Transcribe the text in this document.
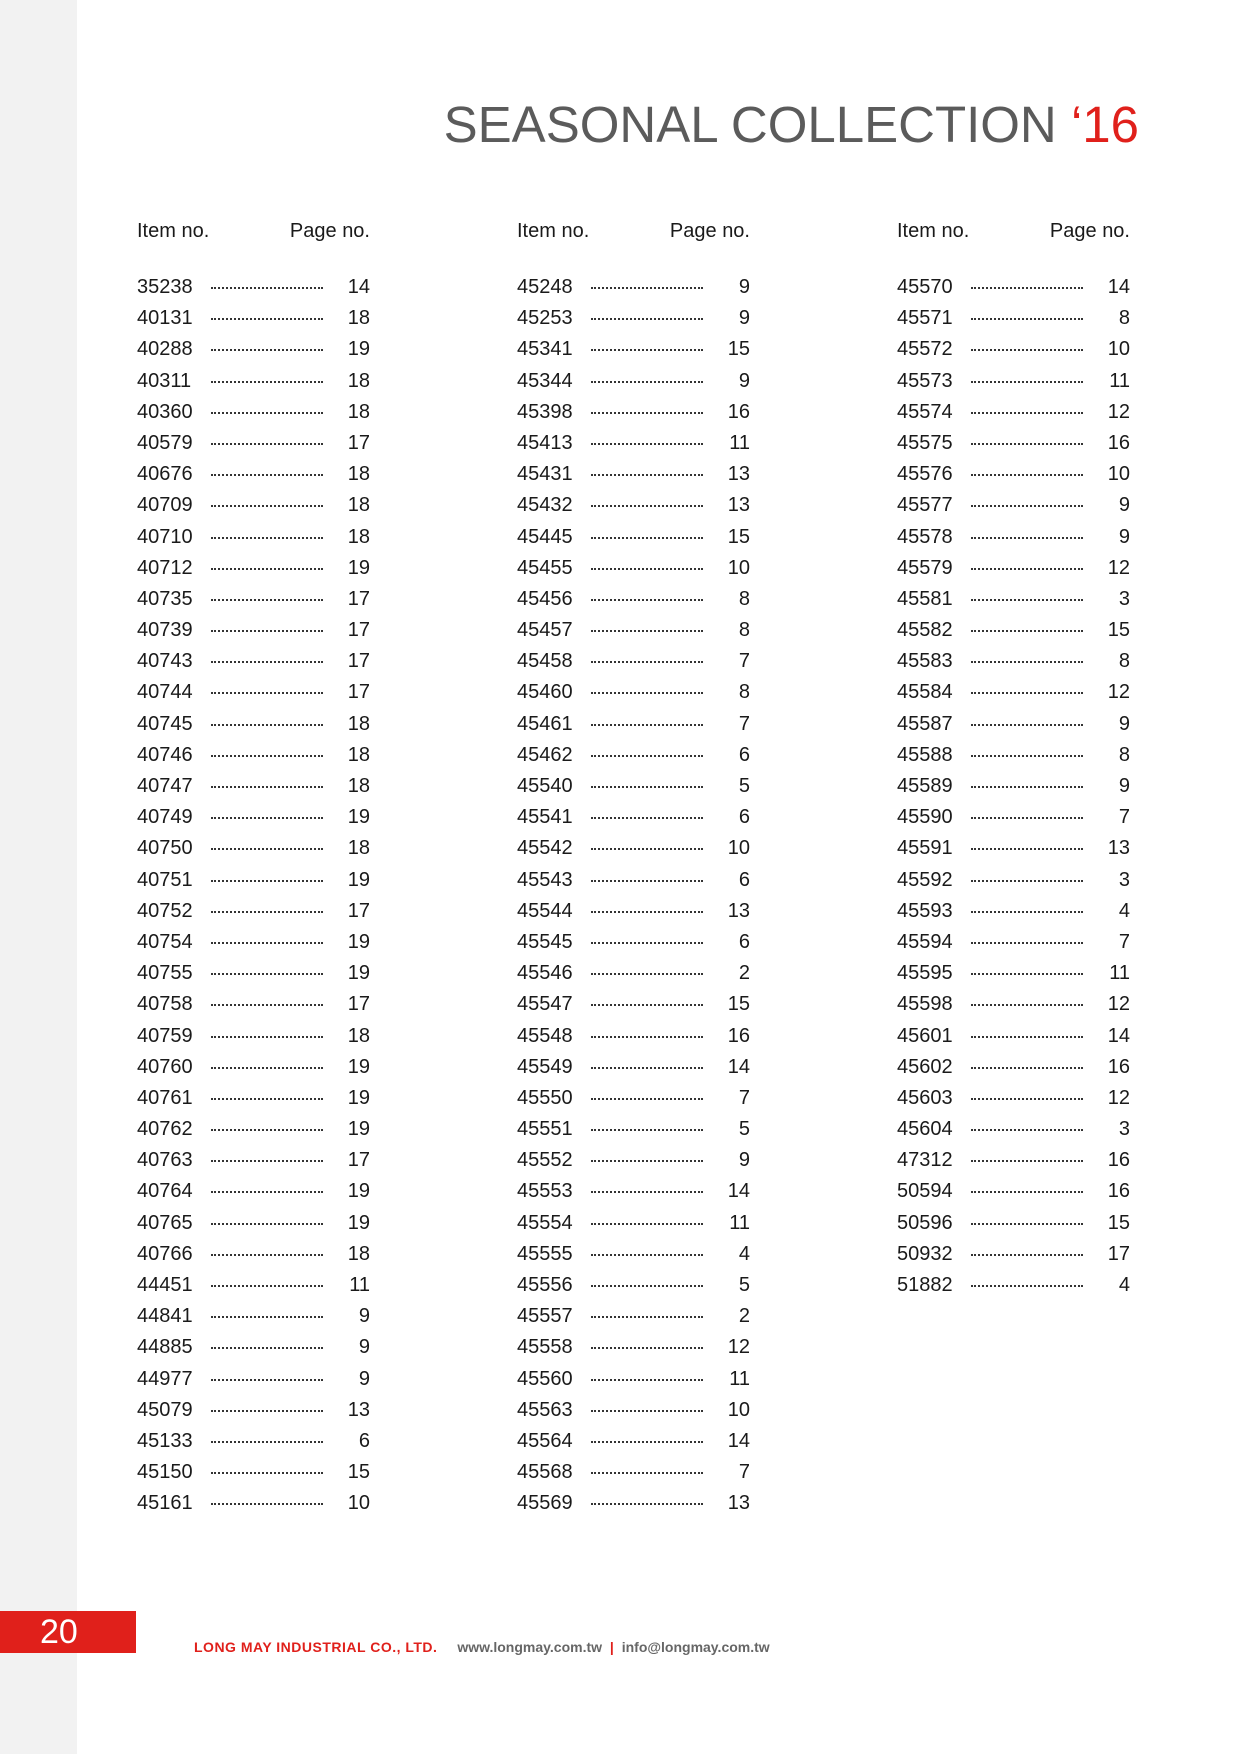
SEASONAL COLLECTION ‘16
Item no.	Page no.
35238	14
40131	18
40288	19
40311	18
40360	18
40579	17
40676	18
40709	18
40710	18
40712	19
40735	17
40739	17
40743	17
40744	17
40745	18
40746	18
40747	18
40749	19
40750	18
40751	19
40752	17
40754	19
40755	19
40758	17
40759	18
40760	19
40761	19
40762	19
40763	17
40764	19
40765	19
40766	18
44451	11
44841	9
44885	9
44977	9
45079	13
45133	6
45150	15
45161	10
Item no.	Page no.
45248	9
45253	9
45341	15
45344	9
45398	16
45413	11
45431	13
45432	13
45445	15
45455	10
45456	8
45457	8
45458	7
45460	8
45461	7
45462	6
45540	5
45541	6
45542	10
45543	6
45544	13
45545	6
45546	2
45547	15
45548	16
45549	14
45550	7
45551	5
45552	9
45553	14
45554	11
45555	4
45556	5
45557	2
45558	12
45560	11
45563	10
45564	14
45568	7
45569	13
Item no.	Page no.
45570	14
45571	8
45572	10
45573	11
45574	12
45575	16
45576	10
45577	9
45578	9
45579	12
45581	3
45582	15
45583	8
45584	12
45587	9
45588	8
45589	9
45590	7
45591	13
45592	3
45593	4
45594	7
45595	11
45598	12
45601	14
45602	16
45603	12
45604	3
47312	16
50594	16
50596	15
50932	17
51882	4
20	LONG MAY INDUSTRIAL CO., LTD. www.longmay.com.tw | info@longmay.com.tw
